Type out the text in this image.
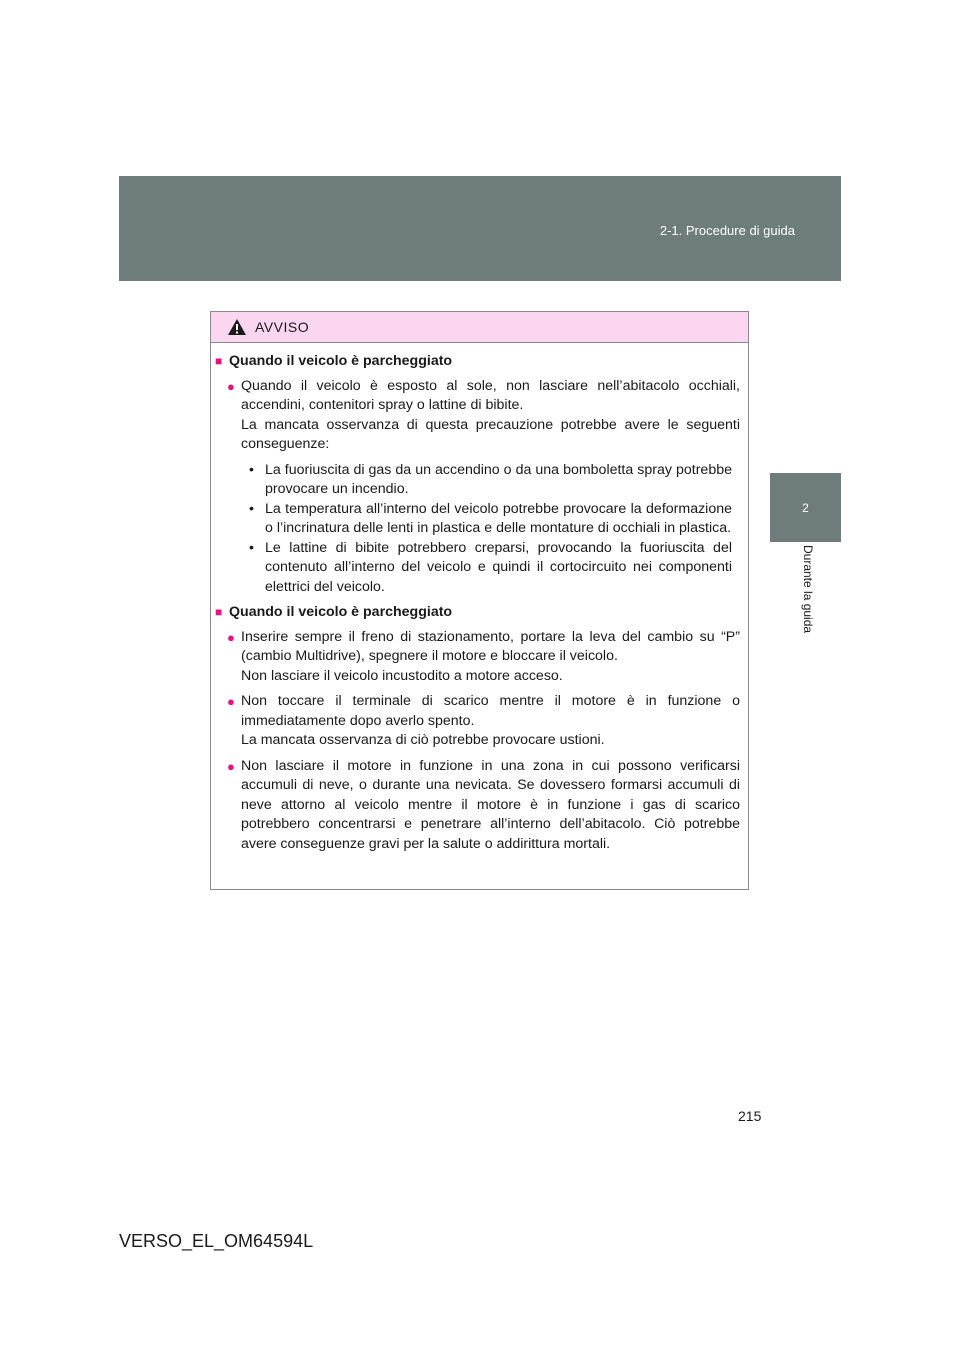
2-1. Procedure di guida
2
Durante la guida
AVVISO
■ Quando il veicolo è parcheggiato
● Quando il veicolo è esposto al sole, non lasciare nell’abitacolo occhiali, accendini, contenitori spray o lattine di bibite.
La mancata osservanza di questa precauzione potrebbe avere le seguenti conseguenze:
• La fuoriuscita di gas da un accendino o da una bomboletta spray potrebbe provocare un incendio.
• La temperatura all’interno del veicolo potrebbe provocare la deformazione o l’incrinatura delle lenti in plastica e delle montature di occhiali in plastica.
• Le lattine di bibite potrebbero creparsi, provocando la fuoriuscita del contenuto all’interno del veicolo e quindi il cortocircuito nei componenti elettrici del veicolo.
■ Quando il veicolo è parcheggiato
● Inserire sempre il freno di stazionamento, portare la leva del cambio su “P” (cambio Multidrive), spegnere il motore e bloccare il veicolo.
Non lasciare il veicolo incustodito a motore acceso.
● Non toccare il terminale di scarico mentre il motore è in funzione o immediatamente dopo averlo spento.
La mancata osservanza di ciò potrebbe provocare ustioni.
● Non lasciare il motore in funzione in una zona in cui possono verificarsi accumuli di neve, o durante una nevicata. Se dovessero formarsi accumuli di neve attorno al veicolo mentre il motore è in funzione i gas di scarico potrebbero concentrarsi e penetrare all’interno dell’abitacolo. Ciò potrebbe avere conseguenze gravi per la salute o addirittura mortali.
215
VERSO_EL_OM64594L
